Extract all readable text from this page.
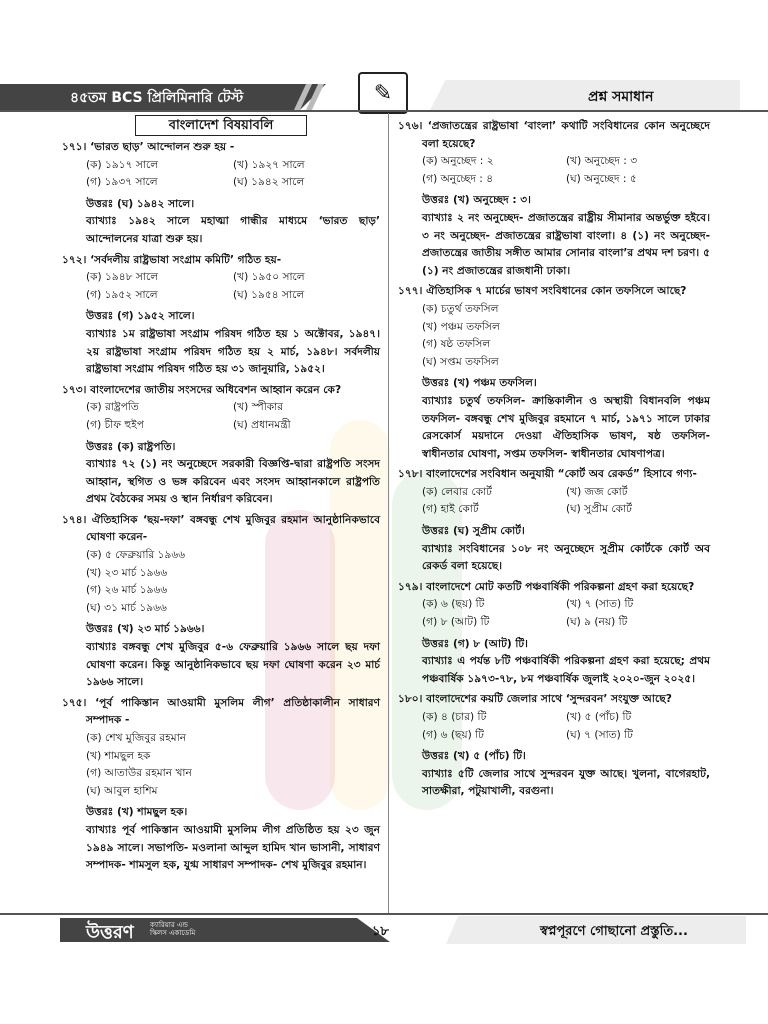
৪৫তম BCS প্রিলিমিনারি টেস্ট	✎	প্রশ্ন সমাধান
বাংলাদেশ বিষয়াবলি
১৭১। ‘ভারত ছাড়’ আন্দোলন শুরু হয় -
(ক) ১৯১৭ সালে	(খ) ১৯২৭ সালে
(গ) ১৯৩৭ সালে	(ঘ) ১৯৪২ সালে
উত্তরঃ (ঘ) ১৯৪২ সালে।
ব্যাখ্যাঃ ১৯৪২ সালে মহাত্মা গান্ধীর মাধ্যমে ‘ভারত ছাড়’ আন্দোলনের যাত্রা শুরু হয়।
১৭২। ‘সর্বদলীয় রাষ্ট্রভাষা সংগ্রাম কমিটি’ গঠিত হয়-
(ক) ১৯৪৮ সালে	(খ) ১৯৫০ সালে
(গ) ১৯৫২ সালে	(ঘ) ১৯৫৪ সালে
উত্তরঃ (গ) ১৯৫২ সালে।
ব্যাখ্যাঃ ১ম রাষ্ট্রভাষা সংগ্রাম পরিষদ গঠিত হয় ১ অক্টোবর, ১৯৪৭। ২য় রাষ্ট্রভাষা সংগ্রাম পরিষদ গঠিত হয় ২ মার্চ, ১৯৪৮। সর্বদলীয় রাষ্ট্রভাষা সংগ্রাম পরিষদ গঠিত হয় ৩১ জানুয়ারি, ১৯৫২।
১৭৩। বাংলাদেশের জাতীয় সংসদের অধিবেশন আহ্বান করেন কে?
(ক) রাষ্ট্রপতি	(খ) স্পীকার
(গ) চীফ হুইপ	(ঘ) প্রধানমন্ত্রী
উত্তরঃ (ক) রাষ্ট্রপতি।
ব্যাখ্যাঃ ৭২ (১) নং অনুচ্ছেদে সরকারী বিজ্ঞপ্তি-দ্বারা রাষ্ট্রপতি সংসদ আহ্বান, স্থগিত ও ভঙ্গ করিবেন এবং সংসদ আহ্বানকালে রাষ্ট্রপতি প্রথম বৈঠকের সময় ও স্থান নির্ধারণ করিবেন।
১৭৪। ঐতিহাসিক ‘ছয়-দফা’ বঙ্গবন্ধু শেখ মুজিবুর রহমান আনুষ্ঠানিকভাবে ঘোষণা করেন-
(ক) ৫ ফেব্রুয়ারি ১৯৬৬
(খ) ২৩ মার্চ ১৯৬৬
(গ) ২৬ মার্চ ১৯৬৬
(ঘ) ৩১ মার্চ ১৯৬৬
উত্তরঃ (খ) ২৩ মার্চ ১৯৬৬।
ব্যাখ্যাঃ বঙ্গবন্ধু শেখ মুজিবুর ৫-৬ ফেব্রুয়ারি ১৯৬৬ সালে ছয় দফা ঘোষণা করেন। কিন্তু আনুষ্ঠানিকভাবে ছয় দফা ঘোষণা করেন ২৩ মার্চ ১৯৬৬ সালে।
১৭৫। ‘পূর্ব পাকিস্তান আওয়ামী মুসলিম লীগ’ প্রতিষ্ঠাকালীন সাধারণ সম্পাদক -
(ক) শেখ মুজিবুর রহমান
(খ) শামছুল হক
(গ) আতাউর রহমান খান
(ঘ) আবুল হাশিম
উত্তরঃ (খ) শামছুল হক।
ব্যাখ্যাঃ পূর্ব পাকিস্তান আওয়ামী মুসলিম লীগ প্রতিষ্ঠিত হয় ২৩ জুন ১৯৪৯ সালে। সভাপতি- মওলানা আব্দুল হামিদ খান ভাসানী, সাধারণ সম্পাদক- শামসুল হক, যুগ্ম সাধারণ সম্পাদক- শেখ মুজিবুর রহমান।
১৭৬। ‘প্রজাতন্ত্রের রাষ্ট্রভাষা ‘বাংলা’ কথাটি সংবিধানের কোন অনুচ্ছেদে বলা হয়েছে?
(ক) অনুচ্ছেদ : ২	(খ) অনুচ্ছেদ : ৩
(গ) অনুচ্ছেদ : ৪	(ঘ) অনুচ্ছেদ : ৫
উত্তরঃ (খ) অনুচ্ছেদ : ৩।
ব্যাখ্যাঃ ২ নং অনুচ্ছেদ- প্রজাতন্ত্রের রাষ্ট্রীয় সীমানার অন্তর্ভুক্ত হইবে। ৩ নং অনুচ্ছেদ- প্রজাতন্ত্রের রাষ্ট্রভাষা বাংলা। ৪ (১) নং অনুচ্ছেদ- প্রজাতন্ত্রের জাতীয় সঙ্গীত আমার সোনার বাংলা’র প্রথম দশ চরণ। ৫ (১) নং প্রজাতন্ত্রের রাজধানী ঢাকা।
১৭৭। ঐতিহাসিক ৭ মার্চের ভাষণ সংবিধানের কোন তফসিলে আছে?
(ক) চতুর্থ তফসিল
(খ) পঞ্চম তফসিল
(গ) ষষ্ঠ তফসিল
(ঘ) সপ্তম তফসিল
উত্তরঃ (খ) পঞ্চম তফসিল।
ব্যাখ্যাঃ চতুর্থ তফসিল- ক্রান্তিকালীন ও অস্থায়ী বিধানবলি পঞ্চম তফসিল- বঙ্গবন্ধু শেখ মুজিবুর রহমানে ৭ মার্চ, ১৯৭১ সালে ঢাকার রেসকোর্স ময়দানে দেওয়া ঐতিহাসিক ভাষণ, ষষ্ঠ তফসিল- স্বাধীনতার ঘোষণা, সপ্তম তফসিল- স্বাধীনতার ঘোষণাপত্র।
১৭৮। বাংলাদেশের সংবিধান অনুযায়ী “কোর্ট অব রেকর্ড” হিসাবে গণ্য-
(ক) লেবার কোর্ট	(খ) জজ কোর্ট
(গ) হাই কোর্ট	(ঘ) সুপ্রীম কোর্ট
উত্তরঃ (ঘ) সুপ্রীম কোর্ট।
ব্যাখ্যাঃ সংবিধানের ১০৮ নং অনুচ্ছেদে সুপ্রীম কোর্টকে কোর্ট অব রেকর্ড বলা হয়েছে।
১৭৯। বাংলাদেশে মোট কতটি পঞ্চবার্ষিকী পরিকল্পনা গ্রহণ করা হয়েছে?
(ক) ৬ (ছয়) টি	(খ) ৭ (সাত) টি
(গ) ৮ (আট) টি	(ঘ) ৯ (নয়) টি
উত্তরঃ (গ) ৮ (আট) টি।
ব্যাখ্যাঃ এ পর্যন্ত ৮টি পঞ্চবার্ষিকী পরিকল্পনা গ্রহণ করা হয়েছে; প্রথম পঞ্চবার্ষিক ১৯৭৩-৭৮, ৮ম পঞ্চবার্ষিক জুলাই ২০২০-জুন ২০২৫।
১৮০। বাংলাদেশের কয়টি জেলার সাথে ‘সুন্দরবন’ সংযুক্ত আছে?
(ক) ৪ (চার) টি	(খ) ৫ (পাঁচ) টি
(গ) ৬ (ছয়) টি	(ঘ) ৭ (সাত) টি
উত্তরঃ (খ) ৫ (পাঁচ) টি।
ব্যাখ্যাঃ ৫টি জেলার সাথে সুন্দরবন যুক্ত আছে। খুলনা, বাগেরহাট, সাতক্ষীরা, পটুয়াখালী, বরগুনা।
উত্তরণ ক্যারিয়ার এন্ড
স্কিলস একাডেমি	১৮	স্বপ্নপূরণে গোছানো প্রস্তুতি...
